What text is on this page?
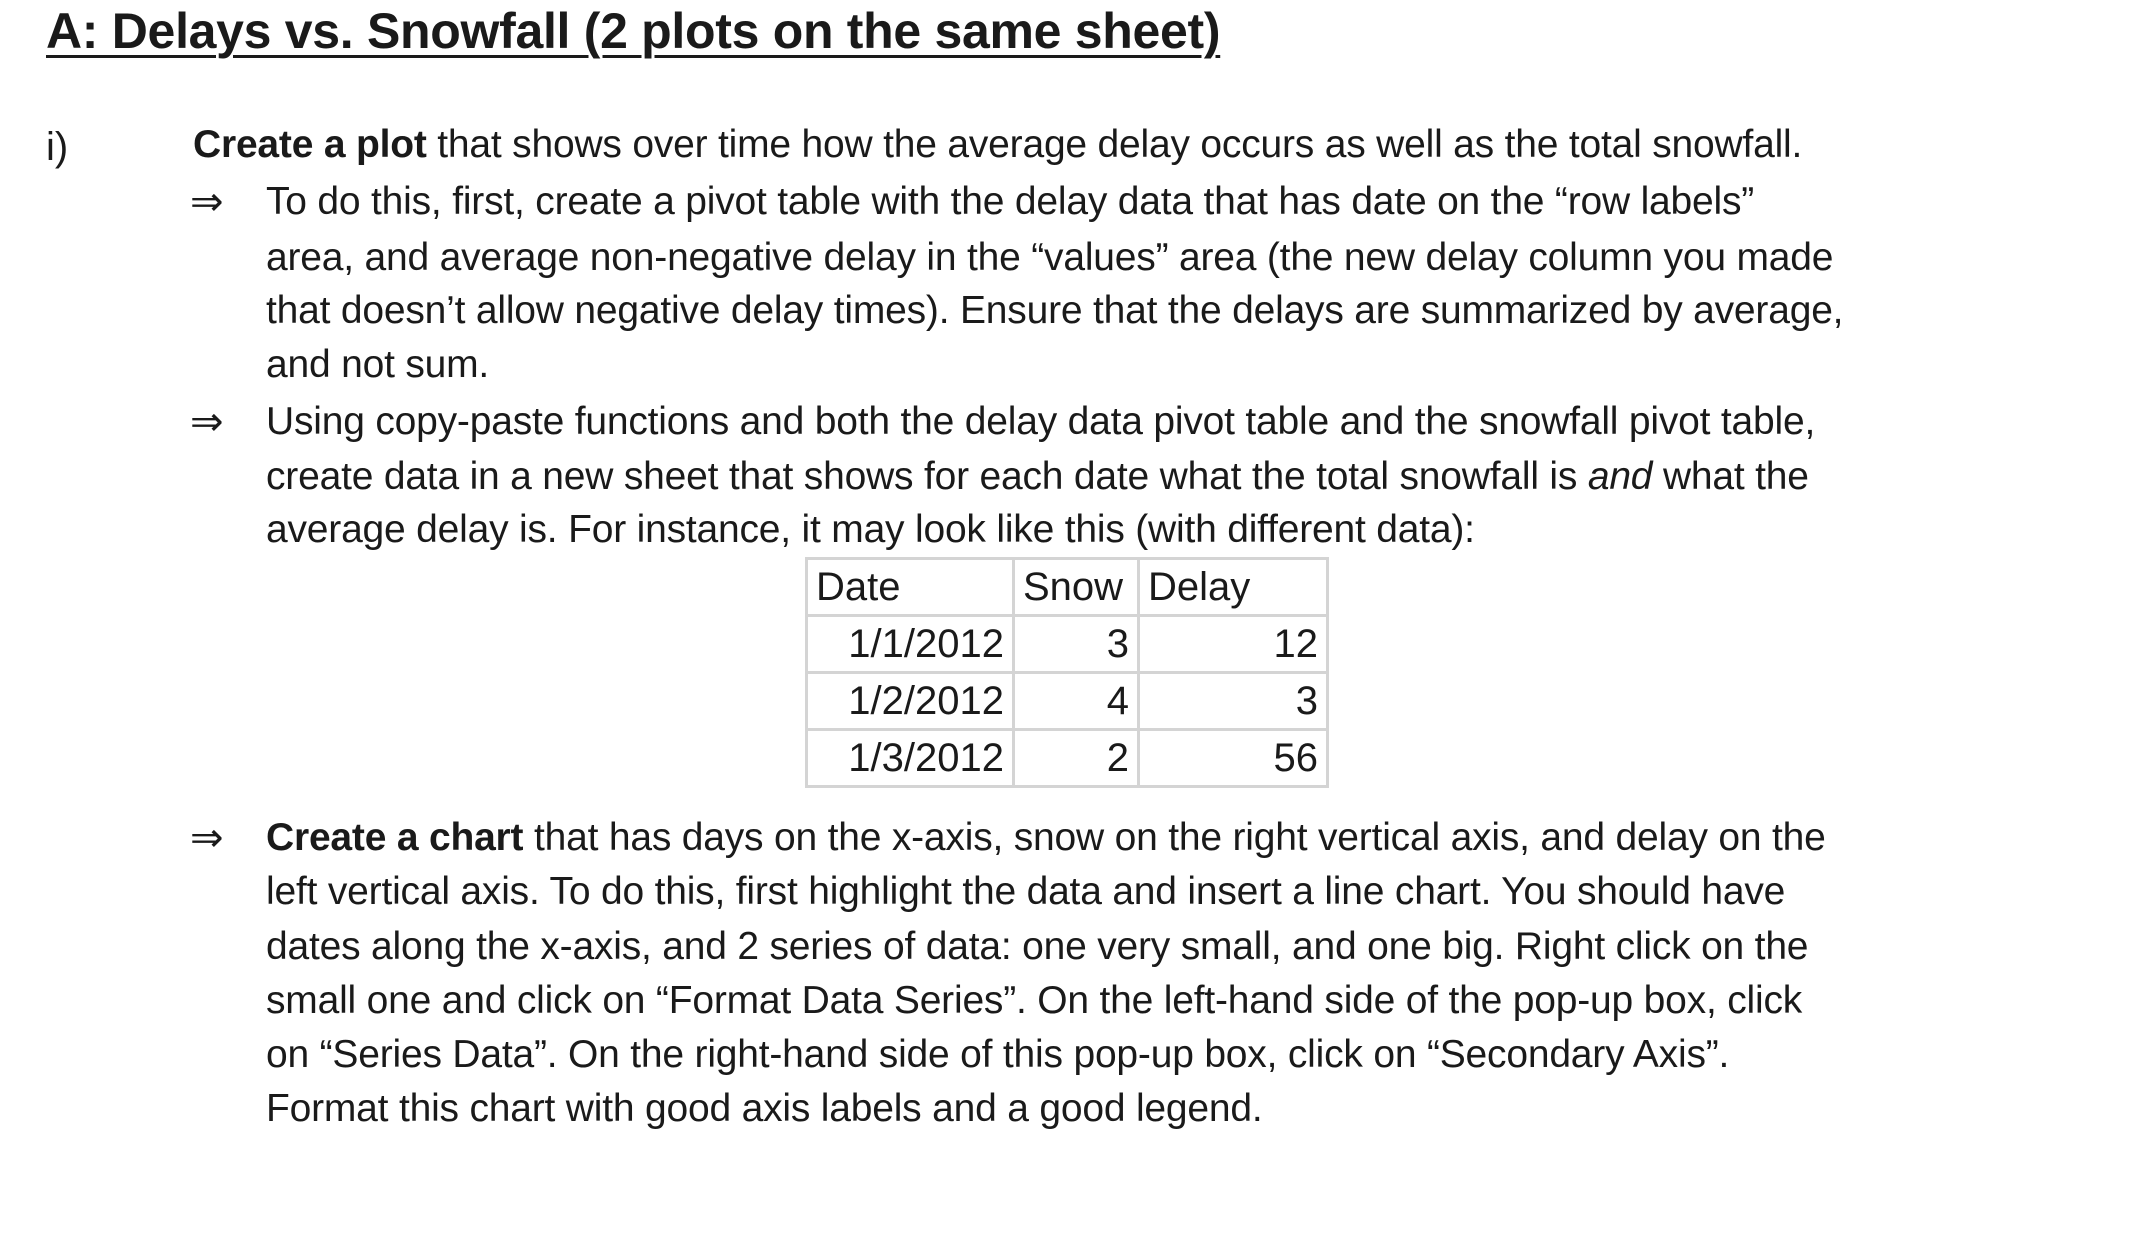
A: Delays vs. Snowfall (2 plots on the same sheet)
i)	Create a plot that shows over time how the average delay occurs as well as the total snowfall.
⇒ To do this, first, create a pivot table with the delay data that has date on the “row labels”
area, and average non-negative delay in the “values” area (the new delay column you made
that doesn’t allow negative delay times). Ensure that the delays are summarized by average,
and not sum.
⇒ Using copy-paste functions and both the delay data pivot table and the snowfall pivot table,
create data in a new sheet that shows for each date what the total snowfall is and what the
average delay is. For instance, it may look like this (with different data):
Date	Snow	Delay
1/1/2012	3	12
1/2/2012	4	3
1/3/2012	2	56
⇒ Create a chart that has days on the x-axis, snow on the right vertical axis, and delay on the
left vertical axis. To do this, first highlight the data and insert a line chart. You should have
dates along the x-axis, and 2 series of data: one very small, and one big. Right click on the
small one and click on “Format Data Series”. On the left-hand side of the pop-up box, click
on “Series Data”. On the right-hand side of this pop-up box, click on “Secondary Axis”.
Format this chart with good axis labels and a good legend.
